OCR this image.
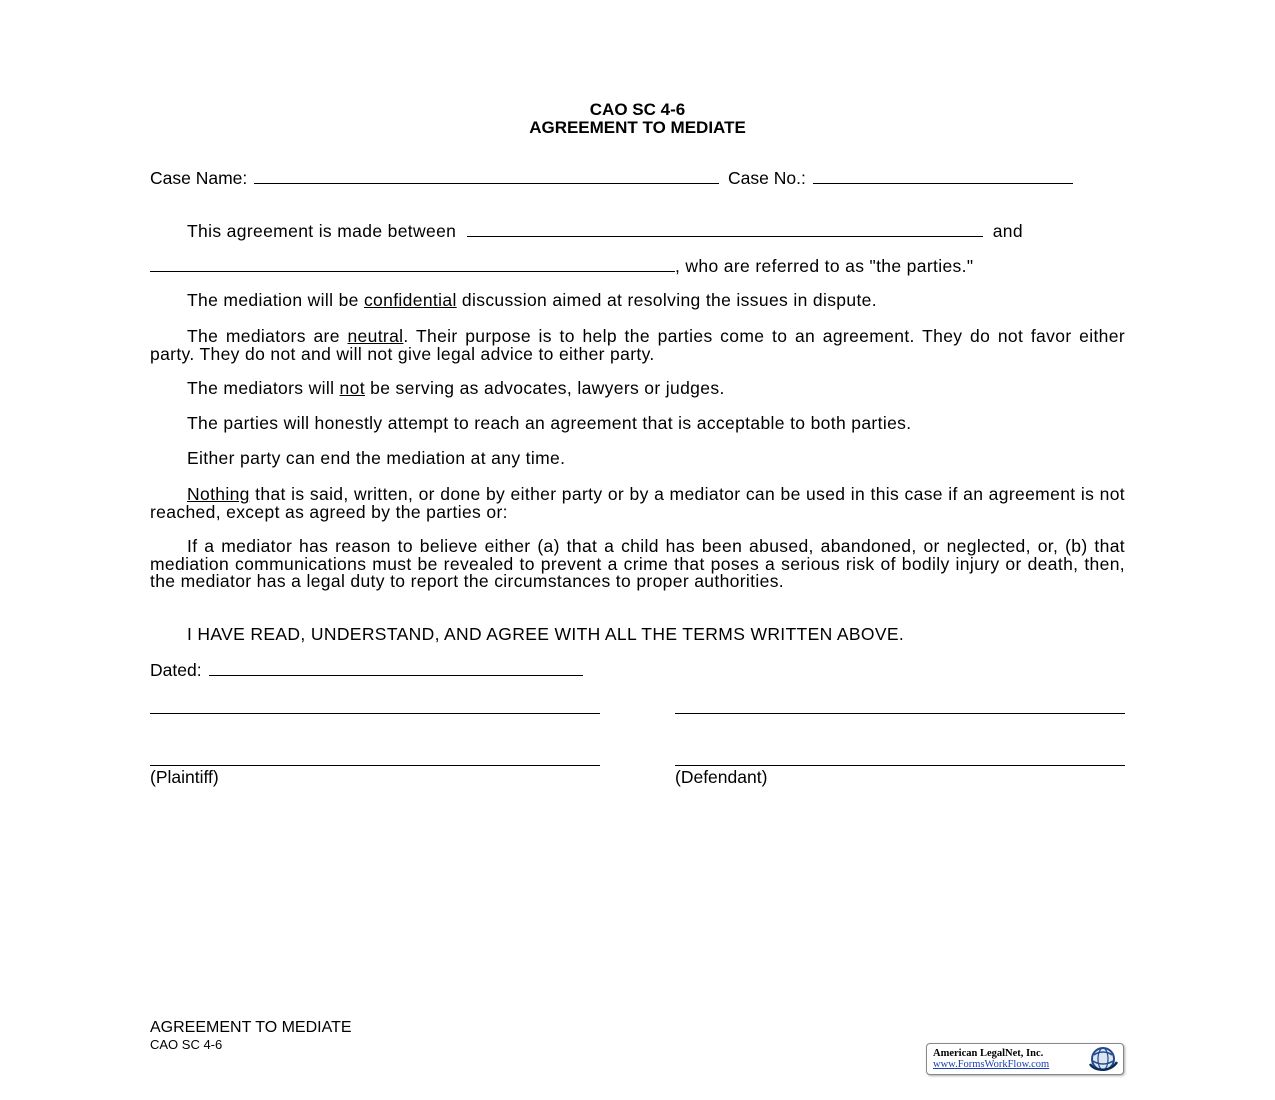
CAO SC 4-6
AGREEMENT TO MEDIATE
Case Name:	Case No.:
This agreement is made between	and
, who are referred to as "the parties."
The mediation will be confidential discussion aimed at resolving the issues in dispute.
The mediators are neutral. Their purpose is to help the parties come to an agreement. They do not favor either party. They do not and will not give legal advice to either party.
The mediators will not be serving as advocates, lawyers or judges.
The parties will honestly attempt to reach an agreement that is acceptable to both parties.
Either party can end the mediation at any time.
Nothing that is said, written, or done by either party or by a mediator can be used in this case if an agreement is not reached, except as agreed by the parties or:
If a mediator has reason to believe either (a) that a child has been abused, abandoned, or neglected, or, (b) that mediation communications must be revealed to prevent a crime that poses a serious risk of bodily injury or death, then, the mediator has a legal duty to report the circumstances to proper authorities.
I HAVE READ, UNDERSTAND, AND AGREE WITH ALL THE TERMS WRITTEN ABOVE.
Dated:
(Plaintiff)	(Defendant)
AGREEMENT TO MEDIATE
CAO SC 4-6
American LegalNet, Inc.
www.FormsWorkFlow.com
